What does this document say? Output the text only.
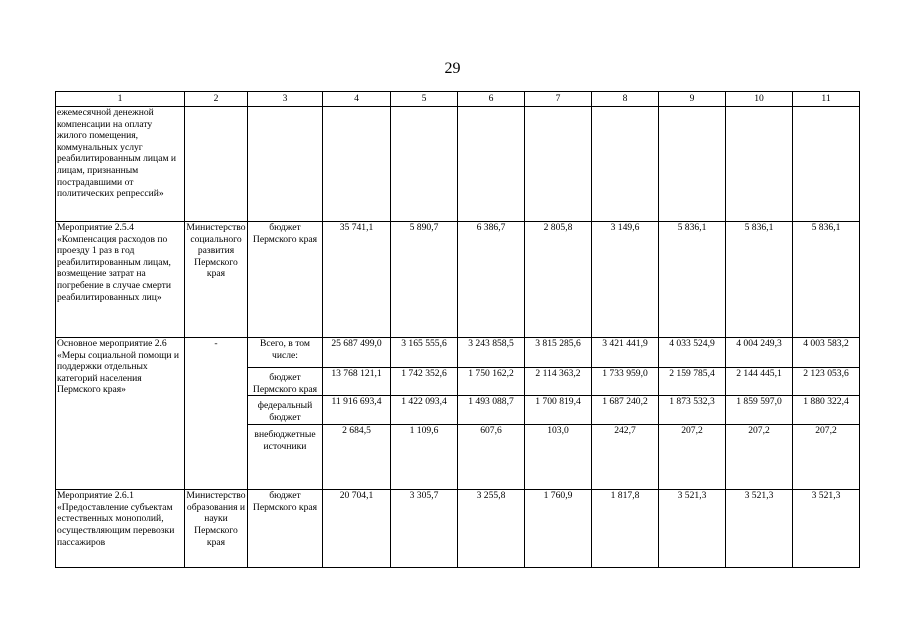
29
1	2	3	4	5	6	7	8	9	10	11
ежемесячной денежной компенсации на оплату жилого помещения, коммунальных услуг реабилитированным лицам и лицам, признанным пострадавшими от политических репрессий»										
Мероприятие 2.5.4 «Компенсация расходов по проезду 1 раз в год реабилитированным лицам, возмещение затрат на погребение в случае смерти реабилитированных лиц»	Министерство социального развития Пермского края	бюджет Пермского края	35 741,1	5 890,7	6 386,7	2 805,8	3 149,6	5 836,1	5 836,1	5 836,1
Основное мероприятие 2.6 «Меры социальной помощи и поддержки отдельных категорий населения Пермского края»	-	Всего, в том числе:	25 687 499,0	3 165 555,6	3 243 858,5	3 815 285,6	3 421 441,9	4 033 524,9	4 004 249,3	4 003 583,2
		бюджет Пермского края	13 768 121,1	1 742 352,6	1 750 162,2	2 114 363,2	1 733 959,0	2 159 785,4	2 144 445,1	2 123 053,6
		федеральный бюджет	11 916 693,4	1 422 093,4	1 493 088,7	1 700 819,4	1 687 240,2	1 873 532,3	1 859 597,0	1 880 322,4
		внебюджетные источники	2 684,5	1 109,6	607,6	103,0	242,7	207,2	207,2	207,2
Мероприятие 2.6.1 «Предоставление субъектам естественных монополий, осуществляющим перевозки пассажиров	Министерство образования и науки Пермского края	бюджет Пермского края	20 704,1	3 305,7	3 255,8	1 760,9	1 817,8	3 521,3	3 521,3	3 521,3
